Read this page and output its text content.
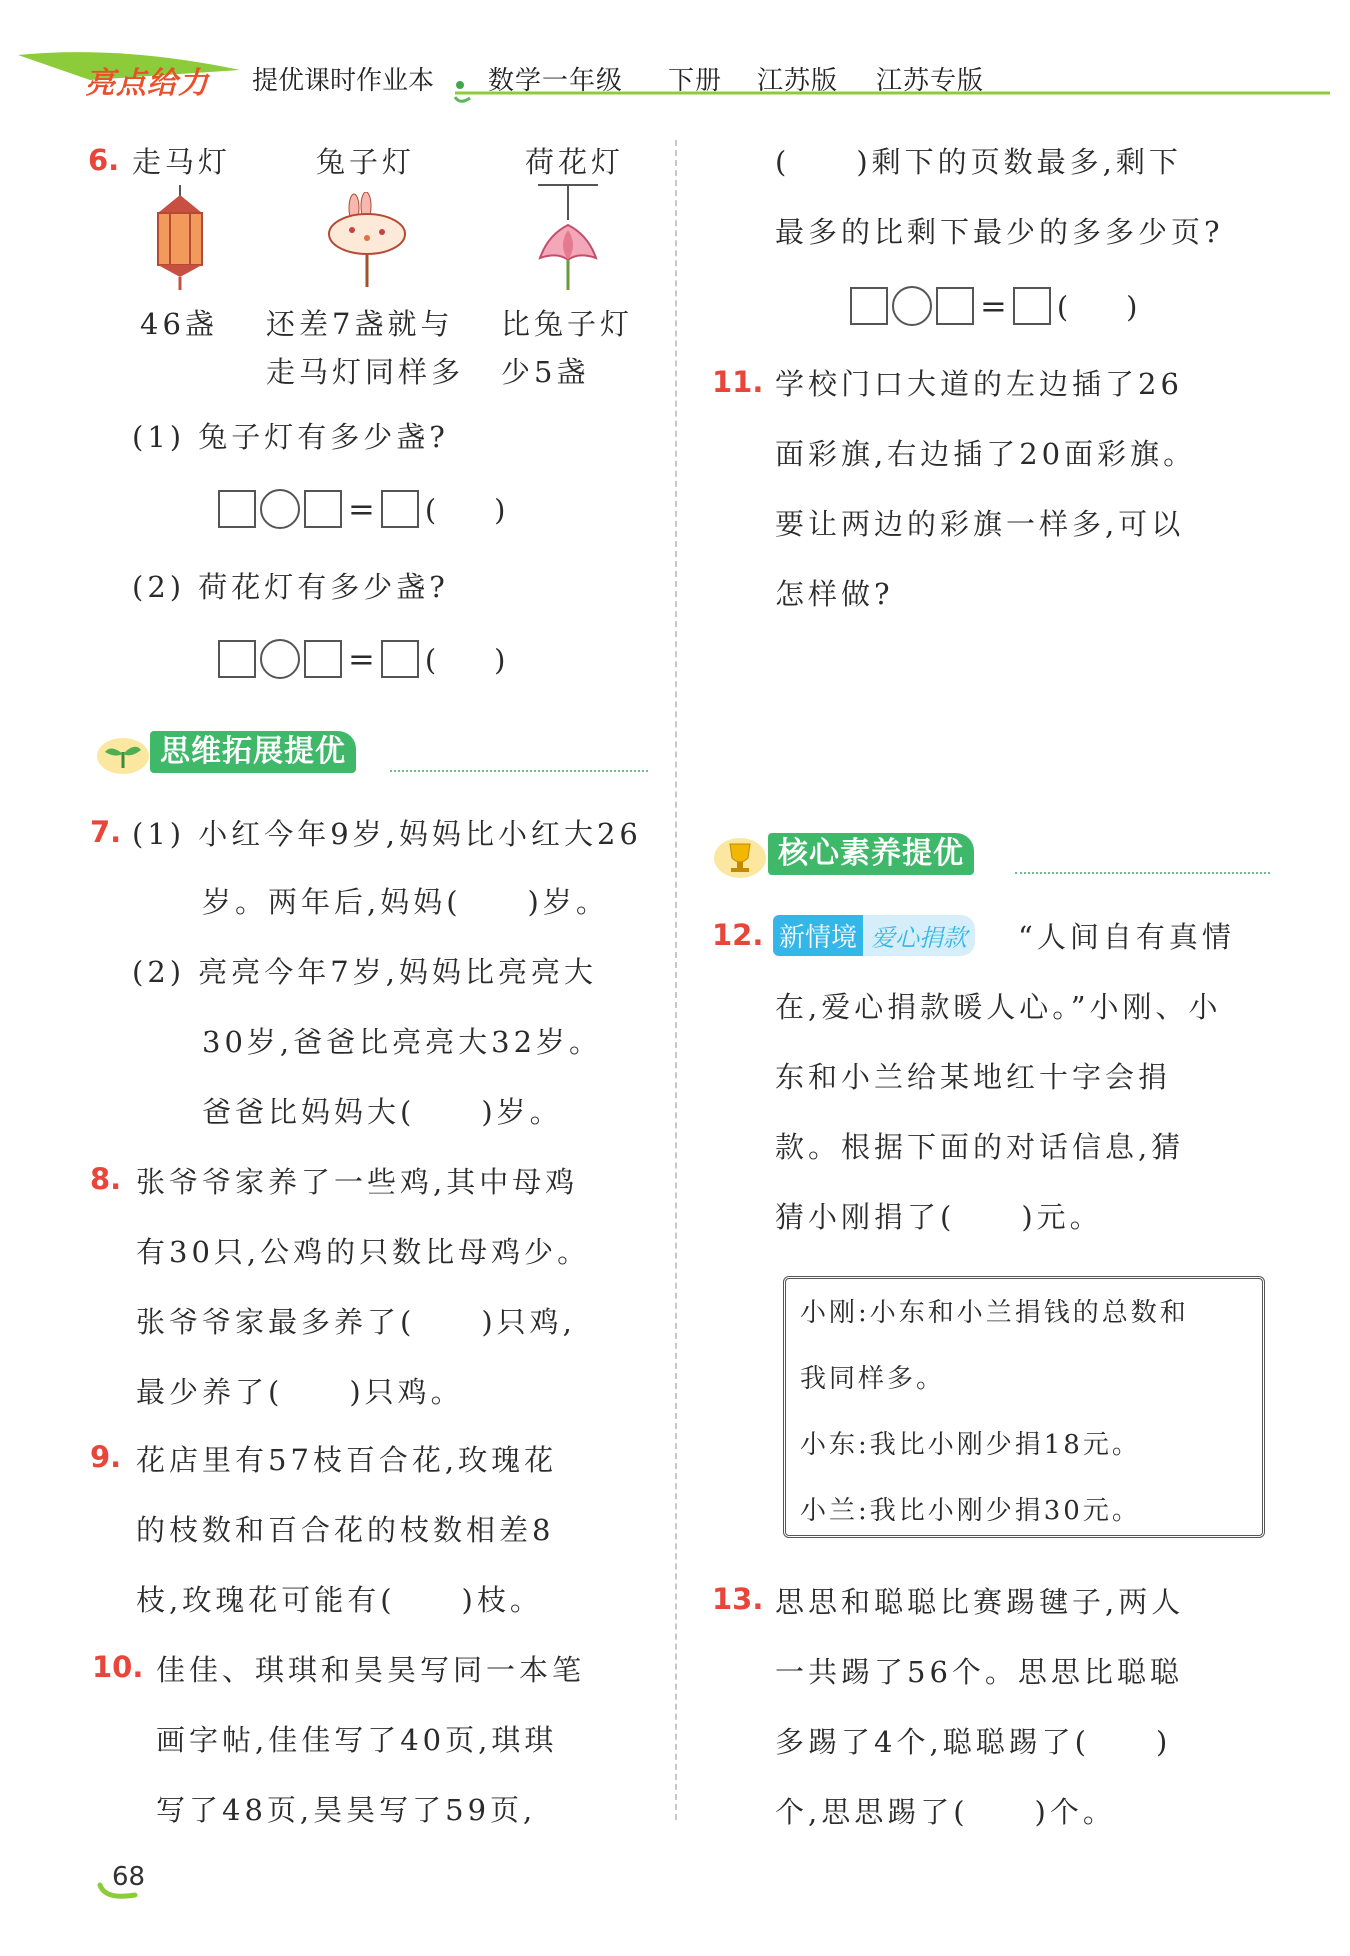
亮点给力 提优课时作业本 数学一年级 下册 江苏版 江苏专版
6. 走马灯	兔子灯	荷花灯
46盏 还差7盏就与
走马灯同样多
比兔子灯
少5盏
(1) 兔子灯有多少盏?
= (　　)
(2) 荷花灯有多少盏?
= (　　)
思维拓展提优
7. (1) 小红今年9岁,妈妈比小红大26
岁。两年后,妈妈(　　)岁。
(2) 亮亮今年7岁,妈妈比亮亮大
30岁,爸爸比亮亮大32岁。
爸爸比妈妈大(　　)岁。
8. 张爷爷家养了一些鸡,其中母鸡
有30只,公鸡的只数比母鸡少。
张爷爷家最多养了(　　)只鸡,
最少养了(　　)只鸡。
9. 花店里有57枝百合花,玫瑰花
的枝数和百合花的枝数相差8
枝,玫瑰花可能有(　　)枝。
10. 佳佳、琪琪和昊昊写同一本笔
画字帖,佳佳写了40页,琪琪
写了48页,昊昊写了59页,
(　　)剩下的页数最多,剩下
最多的比剩下最少的多多少页?
= (　　)
11. 学校门口大道的左边插了26
面彩旗,右边插了20面彩旗。
要让两边的彩旗一样多,可以
怎样做?
核心素养提优
12. 新情境 爱心捐款 “人间自有真情
在,爱心捐款暖人心。”小刚、小
东和小兰给某地红十字会捐
款。根据下面的对话信息,猜
猜小刚捐了(　　)元。
小刚:小东和小兰捐钱的总数和
我同样多。
小东:我比小刚少捐18元。
小兰:我比小刚少捐30元。
13. 思思和聪聪比赛踢毽子,两人
一共踢了56个。思思比聪聪
多踢了4个,聪聪踢了(　　)
个,思思踢了(　　)个。
68
